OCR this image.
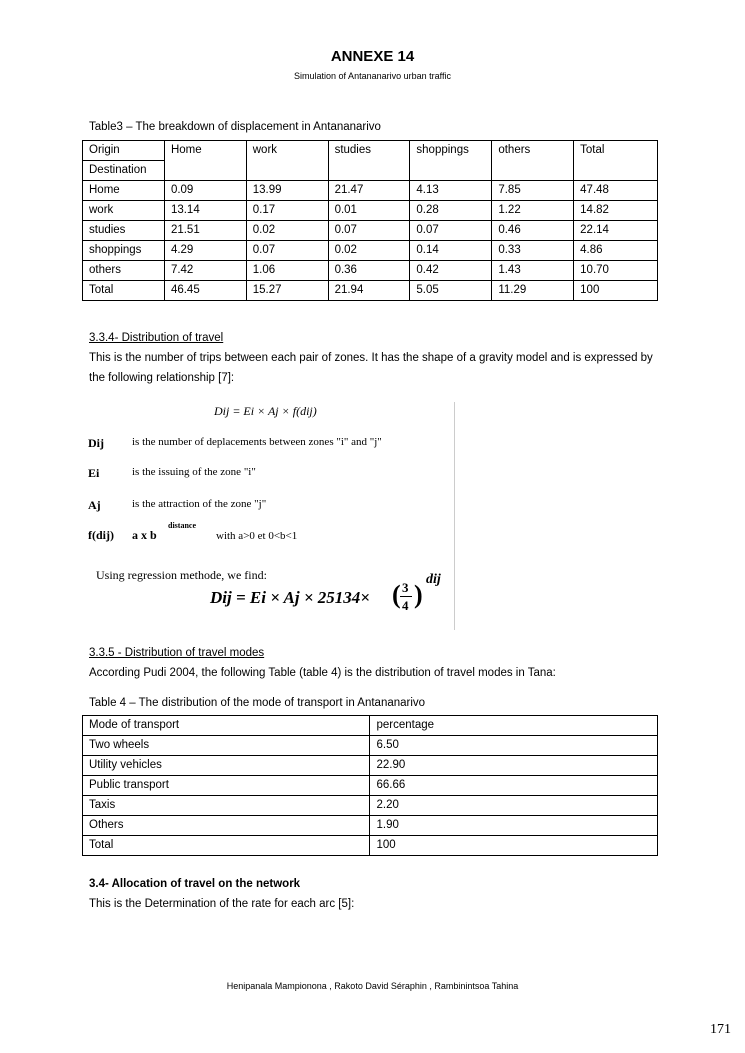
ANNEXE 14
Simulation of Antananarivo urban traffic
Table3 – The breakdown of displacement in Antananarivo
Origin	Home	work	studies	shoppings	others	Total
Destination						
Home	0.09	13.99	21.47	4.13	7.85	47.48
work	13.14	0.17	0.01	0.28	1.22	14.82
studies	21.51	0.02	0.07	0.07	0.46	22.14
shoppings	4.29	0.07	0.02	0.14	0.33	4.86
others	7.42	1.06	0.36	0.42	1.43	10.70
Total	46.45	15.27	21.94	5.05	11.29	100
3.3.4- Distribution of travel
This is the number of trips between each pair of zones. It has the shape of a gravity model and is expressed by the following relationship [7]:
Dij = Ei × Aj × f(dij)
Dij	is the number of deplacements between zones "i" and "j"
Ei	is the issuing of the zone "i"
Aj	is the attraction of the zone "j"
f(dij) a x b
distance
with a>0 et 0<b<1
Using regression methode, we find:
Dij = Ei × Aj × 25134× ( 3
4 )
dij
3.3.5 - Distribution of travel modes
According Pudi 2004, the following Table (table 4) is the distribution of travel modes in Tana:
Table 4 – The distribution of the mode of transport in Antananarivo
Mode of transport	percentage
Two wheels	6.50
Utility vehicles	22.90
Public transport	66.66
Taxis	2.20
Others	1.90
Total	100
3.4- Allocation of travel on the network
This is the Determination of the rate for each arc [5]:
Henipanala Mampionona , Rakoto David Séraphin , Rambinintsoa Tahina
171
